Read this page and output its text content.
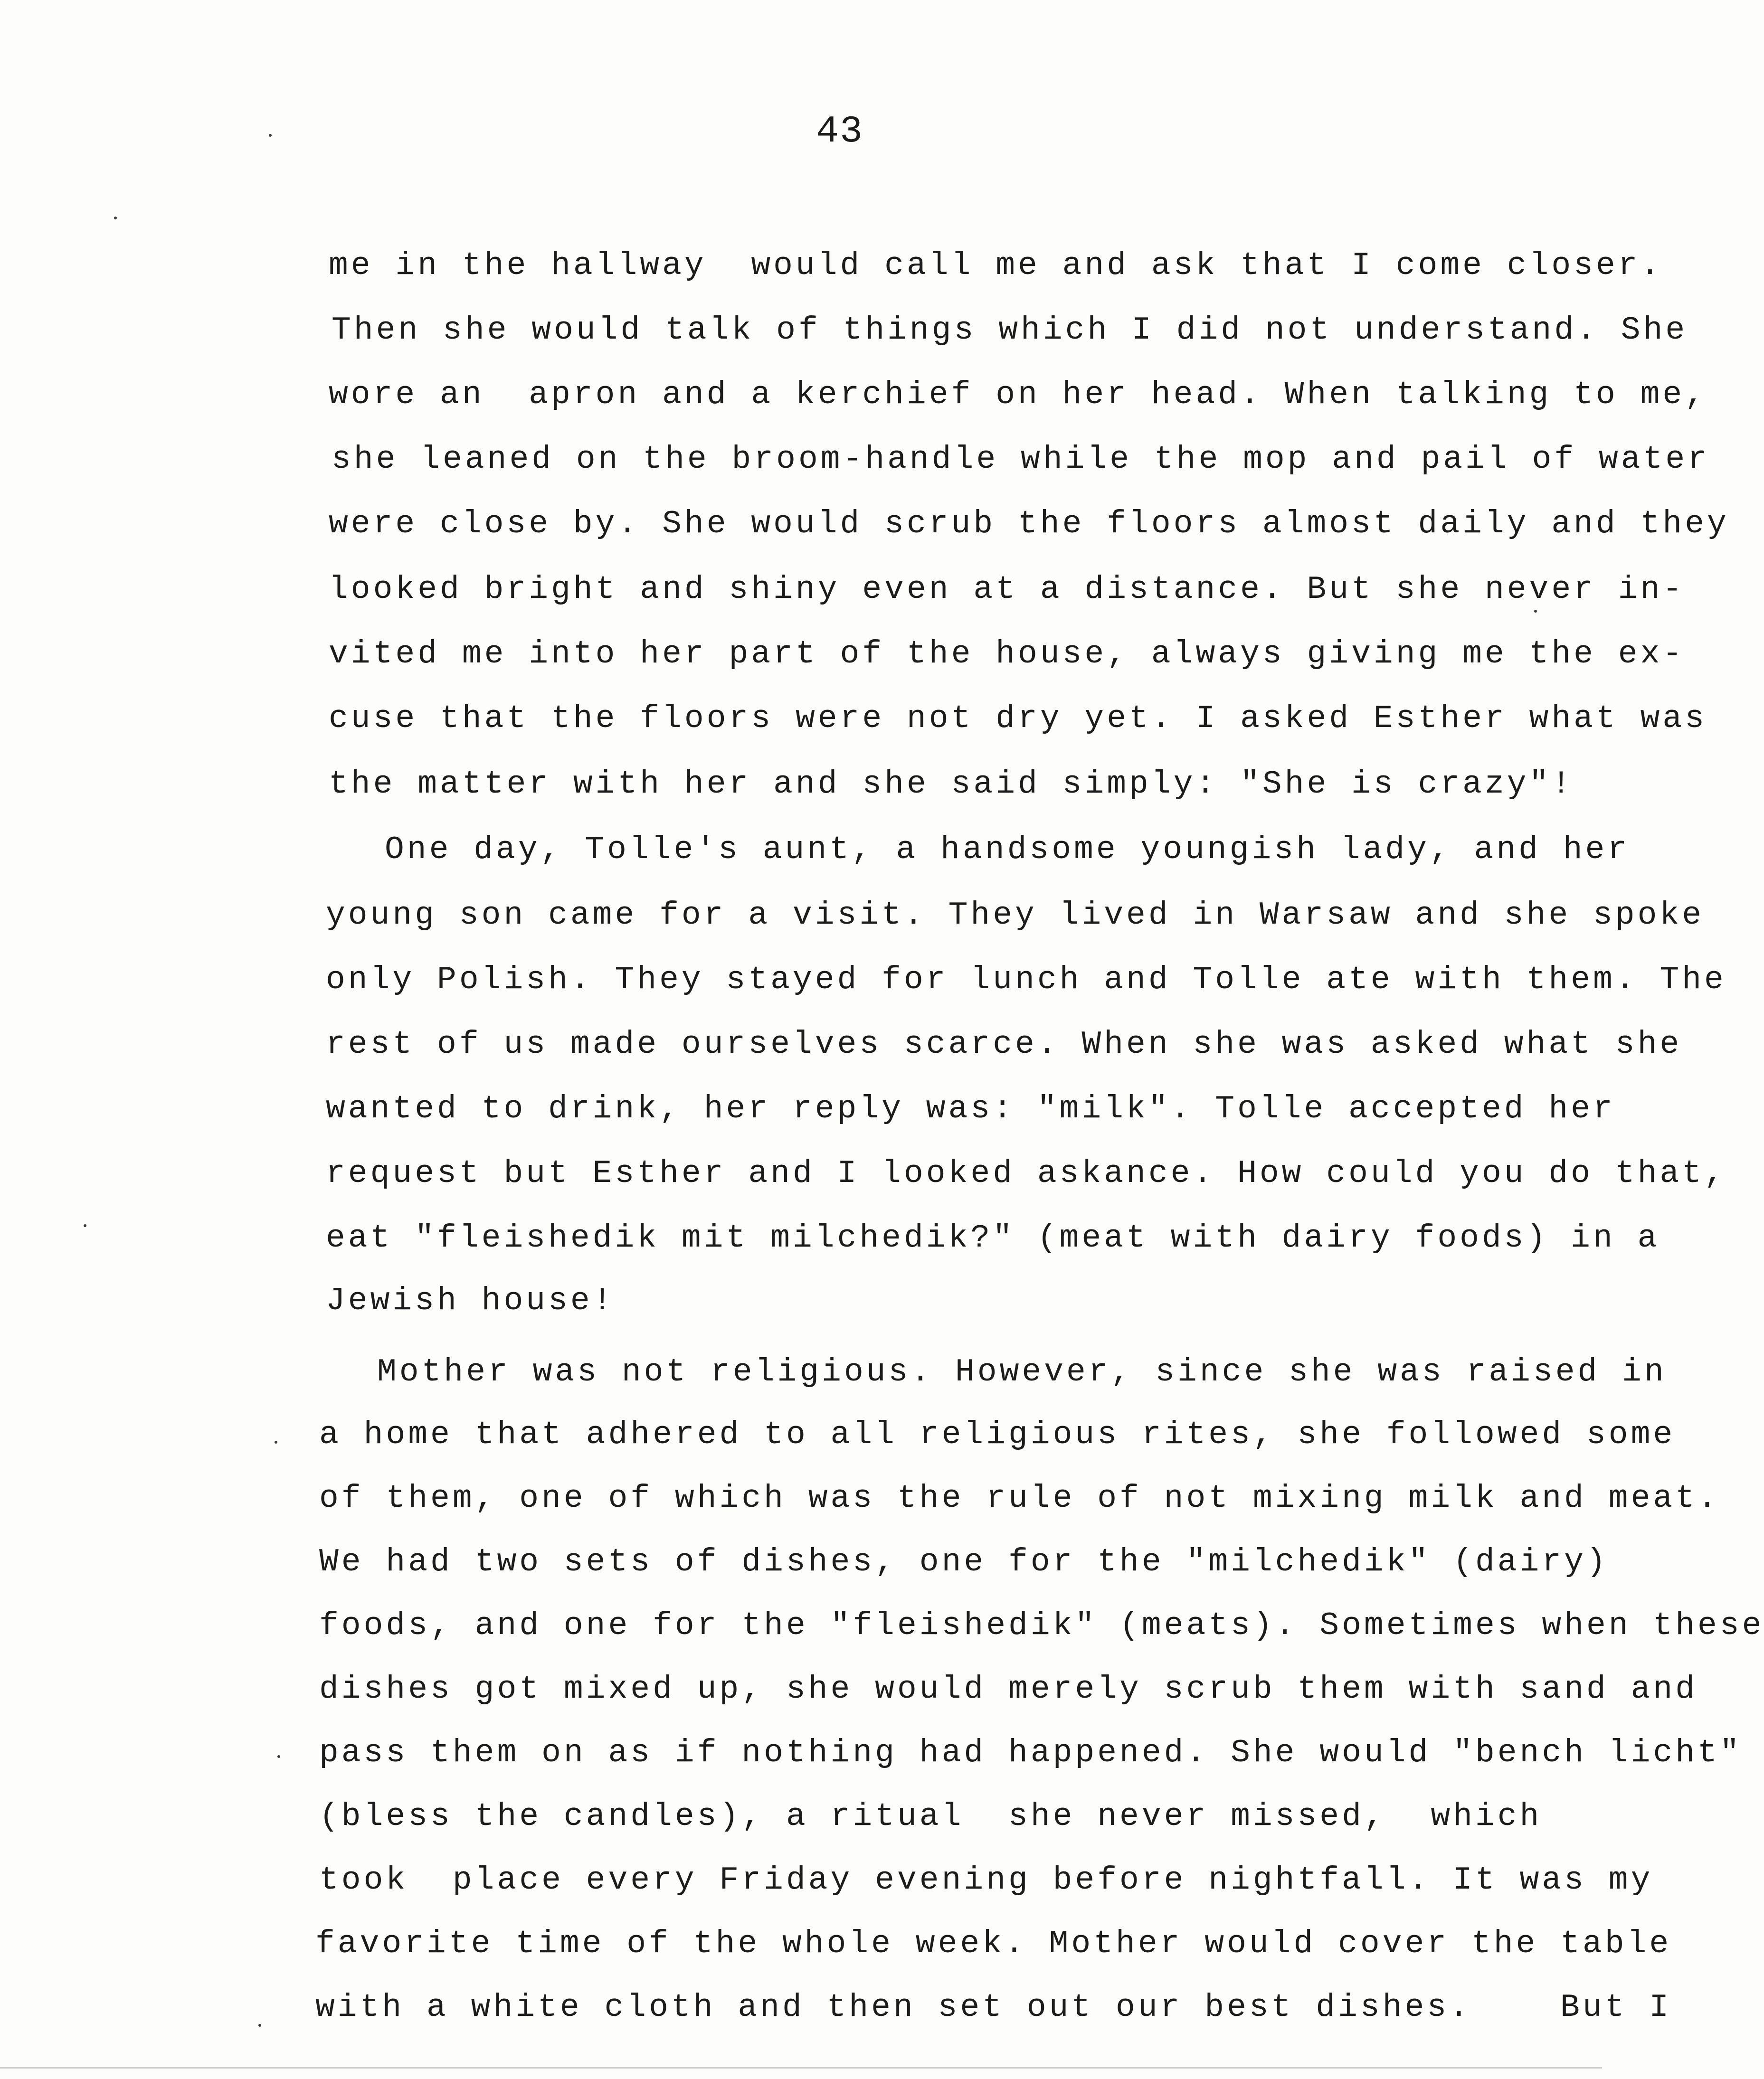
43
me in the hallway  would call me and ask that I come closer.
Then she would talk of things which I did not understand. She
wore an  apron and a kerchief on her head. When talking to me,
she leaned on the broom-handle while the mop and pail of water
were close by. She would scrub the floors almost daily and they
looked bright and shiny even at a distance. But she never in-
vited me into her part of the house, always giving me the ex-
cuse that the floors were not dry yet. I asked Esther what was
the matter with her and she said simply: "She is crazy"!
One day, Tolle's aunt, a handsome youngish lady, and her
young son came for a visit. They lived in Warsaw and she spoke
only Polish. They stayed for lunch and Tolle ate with them. The
rest of us made ourselves scarce. When she was asked what she
wanted to drink, her reply was: "milk". Tolle accepted her
request but Esther and I looked askance. How could you do that,
eat "fleishedik mit milchedik?" (meat with dairy foods) in a
Jewish house!
Mother was not religious. However, since she was raised in
a home that adhered to all religious rites, she followed some
of them, one of which was the rule of not mixing milk and meat.
We had two sets of dishes, one for the "milchedik" (dairy)
foods, and one for the "fleishedik" (meats). Sometimes when these
dishes got mixed up, she would merely scrub them with sand and
pass them on as if nothing had happened. She would "bench licht"
(bless the candles), a ritual  she never missed,  which
took  place every Friday evening before nightfall. It was my
favorite time of the whole week. Mother would cover the table
with a white cloth and then set out our best dishes.    But I
